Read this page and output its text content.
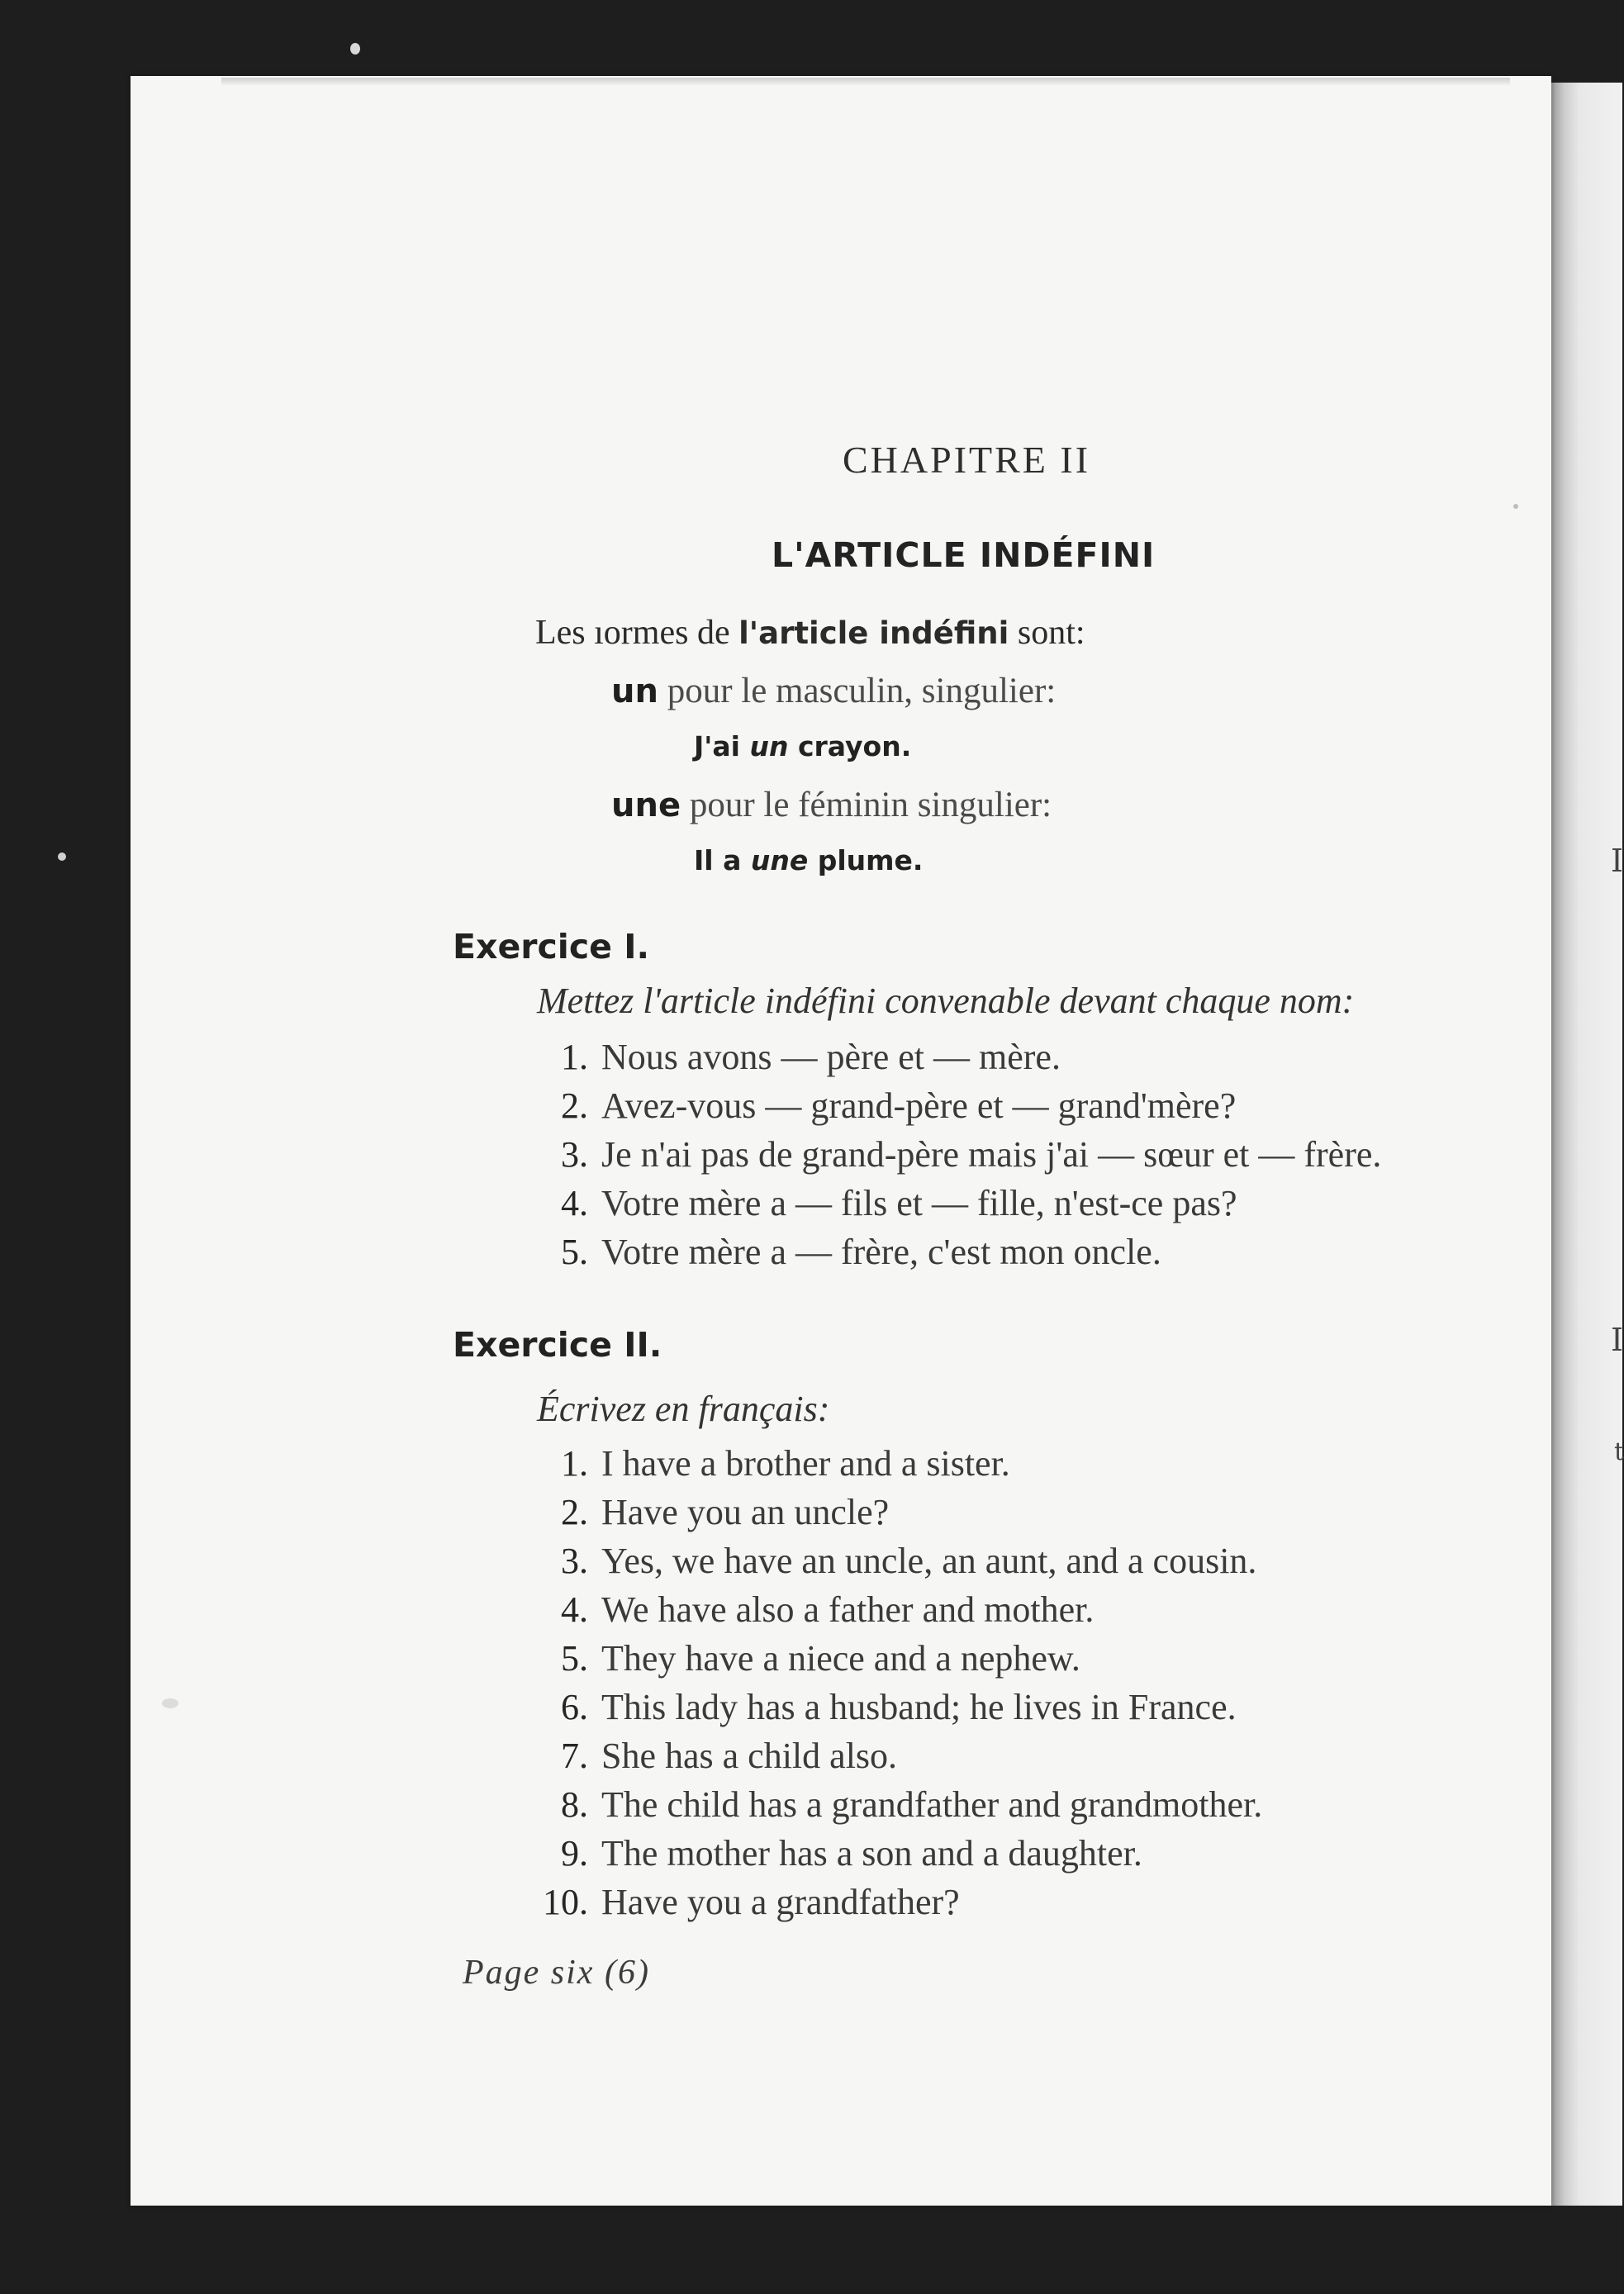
I
I
t
CHAPITRE II
L'ARTICLE INDÉFINI
Les ıormes de l'article indéfini sont:
un pour le masculin, singulier:
J'ai un crayon.
une pour le féminin singulier:
Il a une plume.
Exercice I.
Mettez l'article indéfini convenable devant chaque nom:
1. Nous avons — père et — mère.
2. Avez-vous — grand-père et — grand'mère?
3. Je n'ai pas de grand-père mais j'ai — sœur et — frère.
4. Votre mère a — fils et — fille, n'est-ce pas?
5. Votre mère a — frère, c'est mon oncle.
Exercice II.
Écrivez en français:
1. I have a brother and a sister.
2. Have you an uncle?
3. Yes, we have an uncle, an aunt, and a cousin.
4. We have also a father and mother.
5. They have a niece and a nephew.
6. This lady has a husband; he lives in France.
7. She has a child also.
8. The child has a grandfather and grandmother.
9. The mother has a son and a daughter.
10. Have you a grandfather?
Page six (6)
